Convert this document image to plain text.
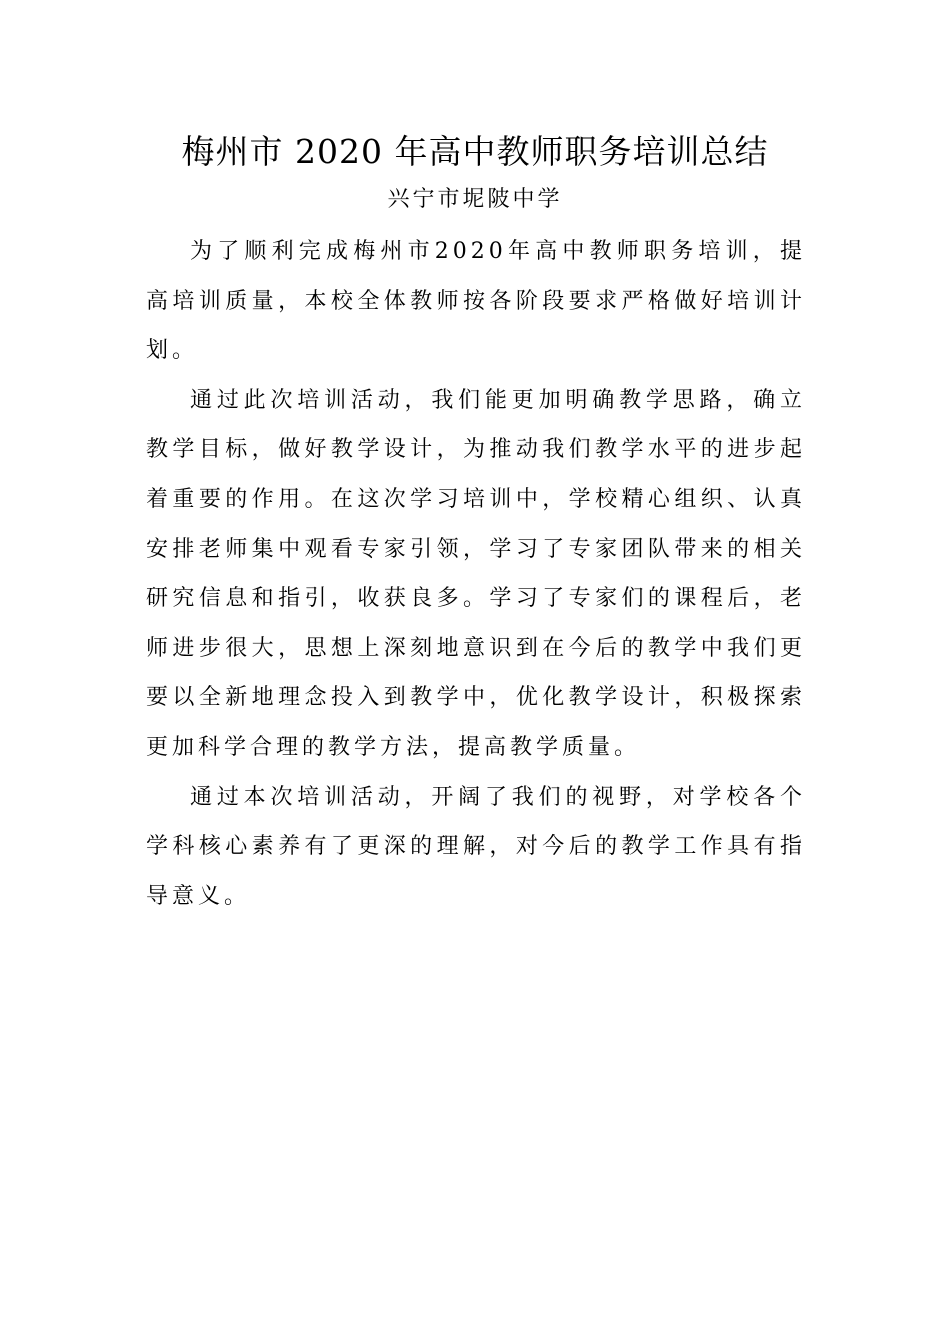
梅州市 2020 年高中教师职务培训总结
兴宁市坭陂中学

为了顺利完成梅州市2020年高中教师职务培训，提高培训质量，本校全体教师按各阶段要求严格做好培训计划。

通过此次培训活动，我们能更加明确教学思路，确立教学目标，做好教学设计，为推动我们教学水平的进步起着重要的作用。在这次学习培训中，学校精心组织、认真安排老师集中观看专家引领，学习了专家团队带来的相关研究信息和指引，收获良多。学习了专家们的课程后，老师进步很大，思想上深刻地意识到在今后的教学中我们更要以全新地理念投入到教学中，优化教学设计，积极探索更加科学合理的教学方法，提高教学质量。

通过本次培训活动，开阔了我们的视野，对学校各个学科核心素养有了更深的理解，对今后的教学工作具有指导意义。
